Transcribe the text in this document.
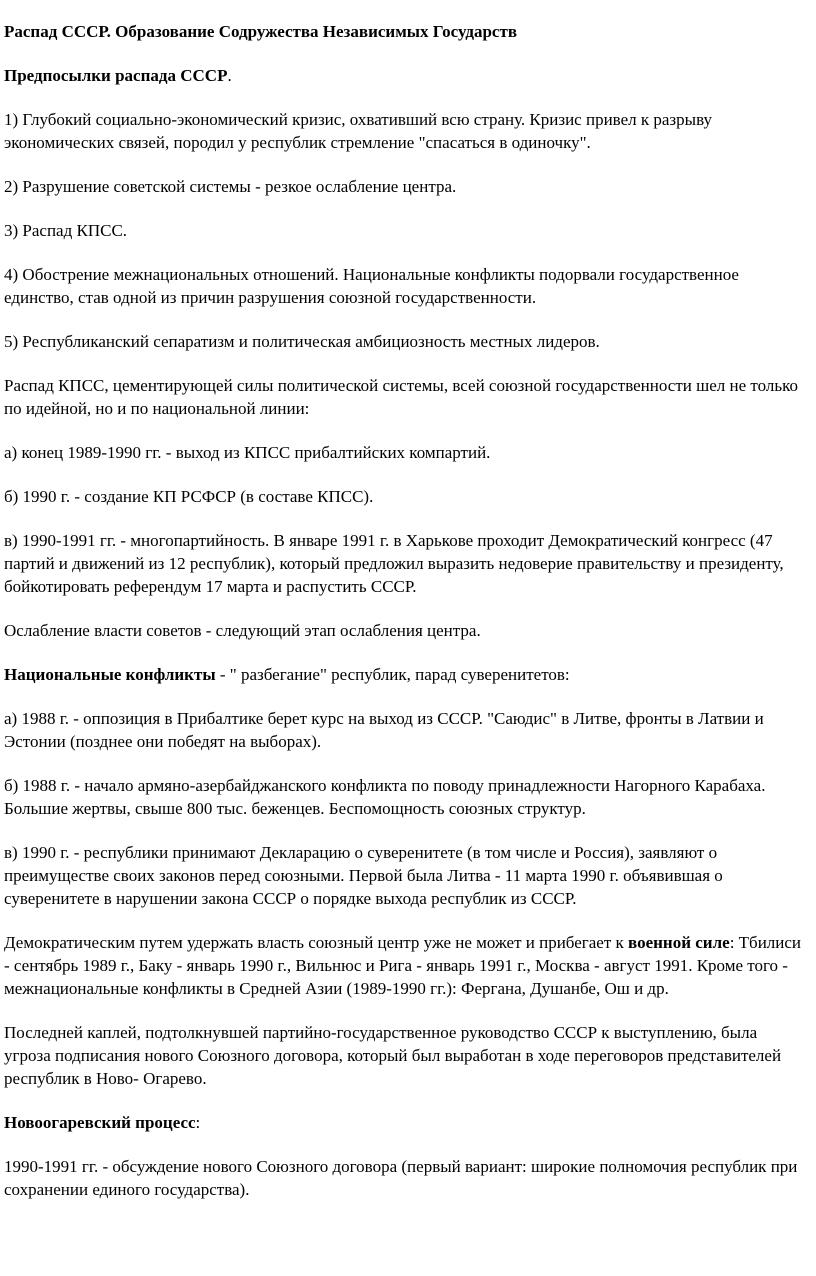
Распад СССР. Образование Содружества Независимых Государств

Предпосылки распада СССР.

1) Глубокий социально-экономический кризис, охвативший всю страну. Кризис привел к разрыву экономических связей, породил у республик стремление "спасаться в одиночку".

2) Разрушение советской системы - резкое ослабление центра.

3) Распад КПСС.

4) Обострение межнациональных отношений. Национальные конфликты подорвали государственное единство, став одной из причин разрушения союзной государственности.

5) Республиканский сепаратизм и политическая амбициозность местных лидеров.

Распад КПСС, цементирующей силы политической системы, всей союзной государственности шел не только по идейной, но и по национальной линии:

а) конец 1989-1990 гг. - выход из КПСС прибалтийских компартий.

б) 1990 г. - создание КП РСФСР (в составе КПСС).

в) 1990-1991 гг. - многопартийность. В январе 1991 г. в Харькове проходит Демократический конгресс (47 партий и движений из 12 республик), который предложил выразить недоверие правительству и президенту, бойкотировать референдум 17 марта и распустить СССР.

Ослабление власти советов - следующий этап ослабления центра.

Национальные конфликты - " разбегание" республик, парад суверенитетов:

а) 1988 г. - оппозиция в Прибалтике берет курс на выход из СССР. "Саюдис" в Литве, фронты в Латвии и Эстонии (позднее они победят на выборах).

б) 1988 г. - начало армяно-азербайджанского конфликта по поводу принадлежности Нагорного Карабаха. Большие жертвы, свыше 800 тыс. беженцев. Беспомощность союзных структур.

в) 1990 г. - республики принимают Декларацию о суверенитете (в том числе и Россия), заявляют о преимуществе своих законов перед союзными. Первой была Литва - 11 марта 1990 г. объявившая о суверенитете в нарушении закона СССР о порядке выхода республик из СССР.

Демократическим путем удержать власть союзный центр уже не может и прибегает к военной силе: Тбилиси - сентябрь 1989 г., Баку - январь 1990 г., Вильнюс и Рига - январь 1991 г., Москва - август 1991. Кроме того - межнациональные конфликты в Средней Азии (1989-1990 гг.): Фергана, Душанбе, Ош и др.

Последней каплей, подтолкнувшей партийно-государственное руководство СССР к выступлению, была угроза подписания нового Союзного договора, который был выработан в ходе переговоров представителей республик в Ново- Огарево.

Новоогаревский процесс:

1990-1991 гг. - обсуждение нового Союзного договора (первый вариант: широкие полномочия республик при сохранении единого государства).
